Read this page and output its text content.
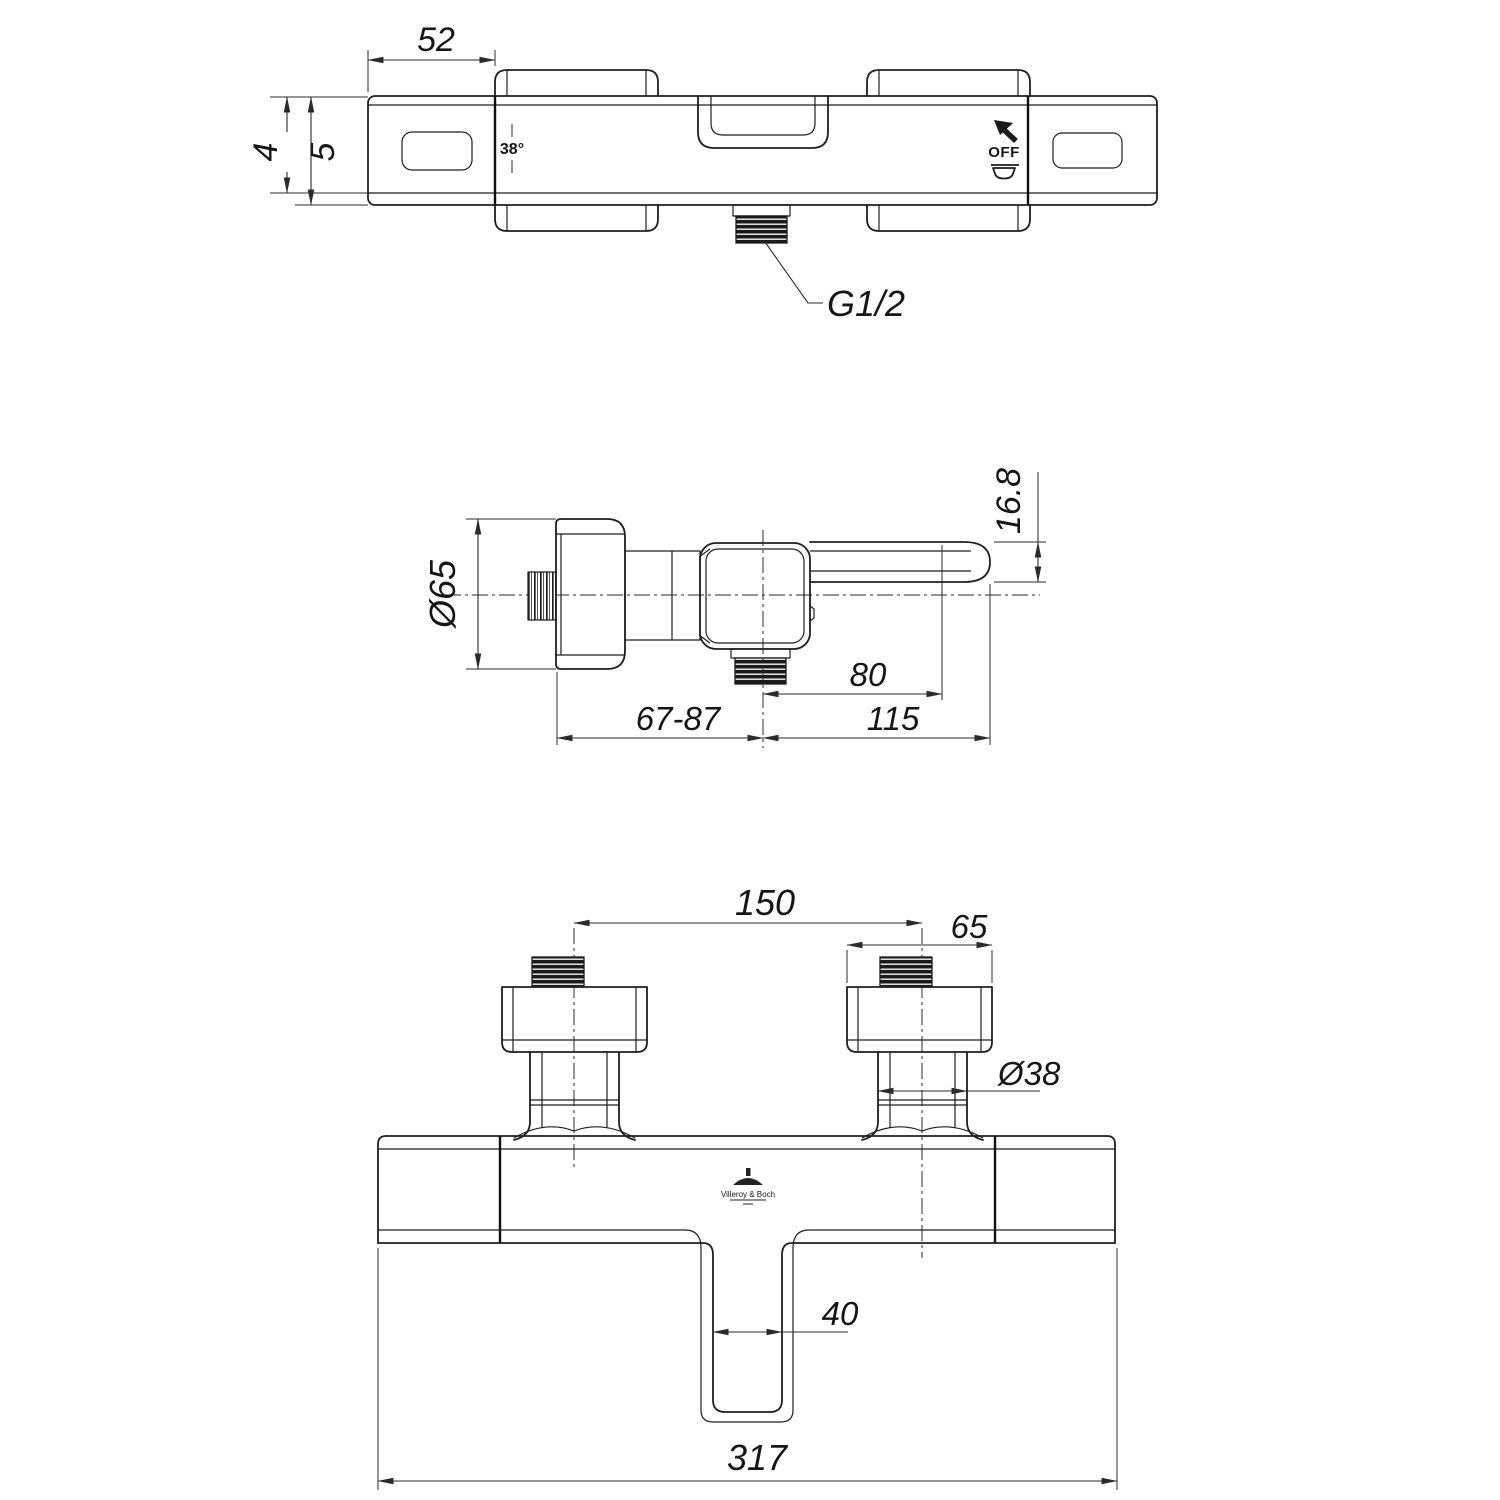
38°	OFF
G1/2
52
4 5
Ø65
16.8
80
67-87	115
150
65
Ø38
Villeroy & Boch
40
317
